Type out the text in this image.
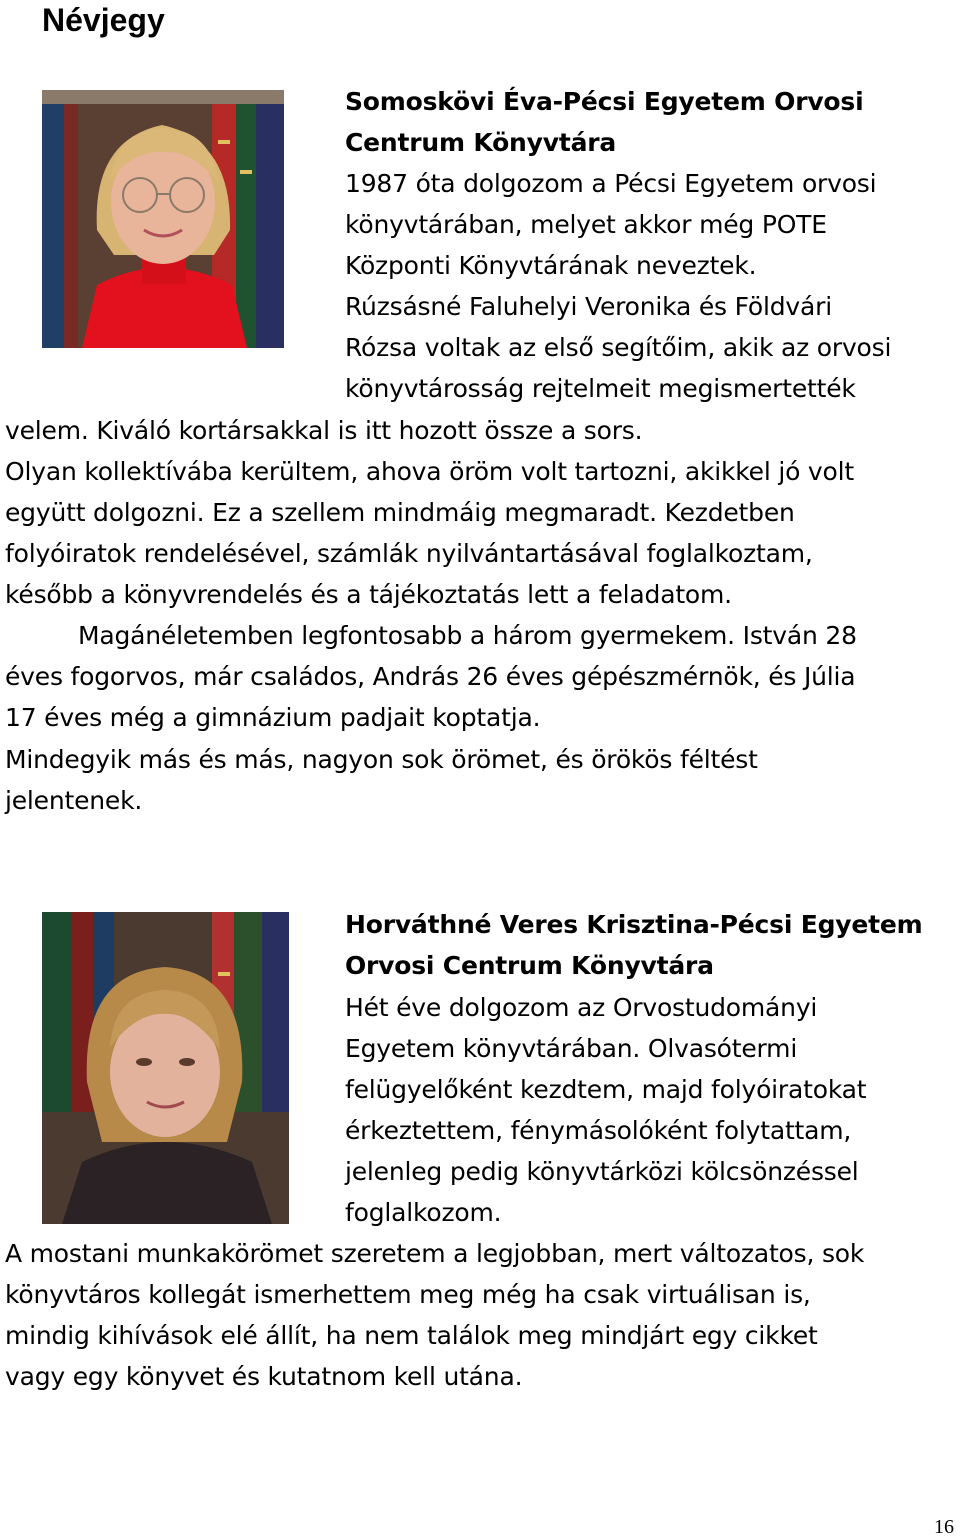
Névjegy
Somoskövi Éva-Pécsi Egyetem Orvosi
Centrum Könyvtára
1987 óta dolgozom a Pécsi Egyetem orvosi
könyvtárában, melyet akkor még POTE
Központi Könyvtárának neveztek.
Rúzsásné Faluhelyi Veronika és Földvári
Rózsa voltak az első segítőim, akik az orvosi
könyvtárosság rejtelmeit megismertették
velem. Kiváló kortársakkal is itt hozott össze a sors.
Olyan kollektívába kerültem, ahova öröm volt tartozni, akikkel jó volt
együtt dolgozni. Ez a szellem mindmáig megmaradt. Kezdetben
folyóiratok rendelésével, számlák nyilvántartásával foglalkoztam,
később a könyvrendelés és a tájékoztatás lett a feladatom.
Magánéletemben legfontosabb a három gyermekem. István 28
éves fogorvos, már családos, András 26 éves gépészmérnök, és Júlia
17 éves még a gimnázium padjait koptatja.
Mindegyik más és más, nagyon sok örömet, és örökös féltést
jelentenek.
Horváthné Veres Krisztina-Pécsi Egyetem
Orvosi Centrum Könyvtára
Hét éve dolgozom az Orvostudományi
Egyetem könyvtárában. Olvasótermi
felügyelőként kezdtem, majd folyóiratokat
érkeztettem, fénymásolóként folytattam,
jelenleg pedig könyvtárközi kölcsönzéssel
foglalkozom.
A mostani munkakörömet szeretem a legjobban, mert változatos, sok
könyvtáros kollegát ismerhettem meg még ha csak virtuálisan is,
mindig kihívások elé állít, ha nem találok meg mindjárt egy cikket
vagy egy könyvet és kutatnom kell utána.
16
